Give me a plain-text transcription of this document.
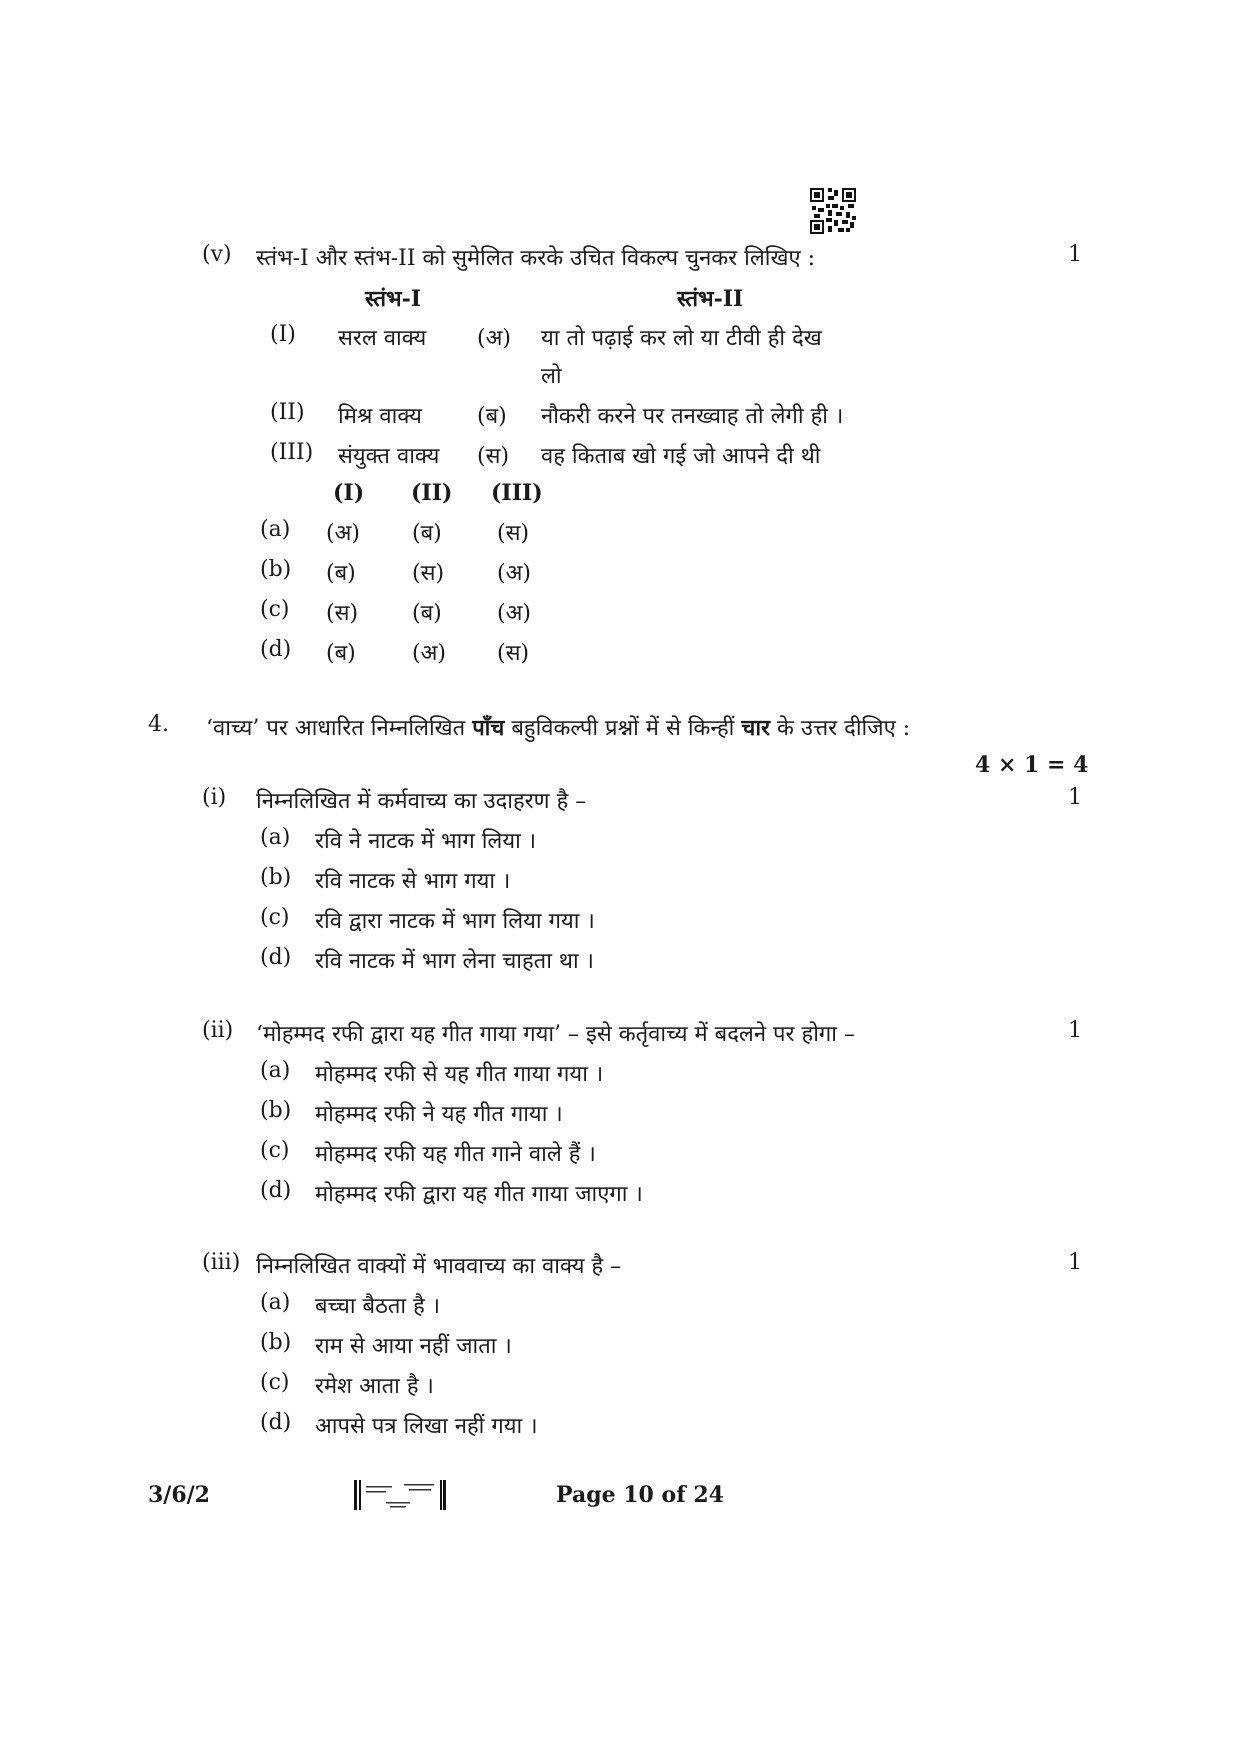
(v) स्तंभ-I और स्तंभ-II को सुमेलित करके उचित विकल्प चुनकर लिखिए :	1
स्तंभ-I	स्तंभ-II
(I) सरल वाक्य (अ) या तो पढ़ाई कर लो या टीवी ही देख
लो
(II) मिश्र वाक्य	(ब) नौकरी करने पर तनख्वाह तो लेगी ही ।
(III) संयुक्त वाक्य (स) वह किताब खो गई जो आपने दी थी
(I) (II) (III)
(a) (अ) (ब)	(स)
(b) (ब)	(स) (अ)
(c) (स) (ब)	(अ)
(d) (ब)	(अ) (स)
4. ‘वाच्य’ पर आधारित निम्नलिखित पाँच बहुविकल्पी प्रश्नों में से किन्हीं चार के उत्तर दीजिए :
4 × 1 = 4
(i) निम्नलिखित में कर्मवाच्य का उदाहरण है –	1
(a) रवि ने नाटक में भाग लिया ।
(b) रवि नाटक से भाग गया ।
(c) रवि द्वारा नाटक में भाग लिया गया ।
(d) रवि नाटक में भाग लेना चाहता था ।
(ii) ‘मोहम्मद रफी द्वारा यह गीत गाया गया’ – इसे कर्तृवाच्य में बदलने पर होगा –	1
(a) मोहम्मद रफी से यह गीत गाया गया ।
(b) मोहम्मद रफी ने यह गीत गाया ।
(c) मोहम्मद रफी यह गीत गाने वाले हैं ।
(d) मोहम्मद रफी द्वारा यह गीत गाया जाएगा ।
(iii) निम्नलिखित वाक्यों में भाववाच्य का वाक्य है –	1
(a) बच्चा बैठता है ।
(b) राम से आया नहीं जाता ।
(c) रमेश आता है ।
(d) आपसे पत्र लिखा नहीं गया ।
3/6/2	Page 10 of 24
